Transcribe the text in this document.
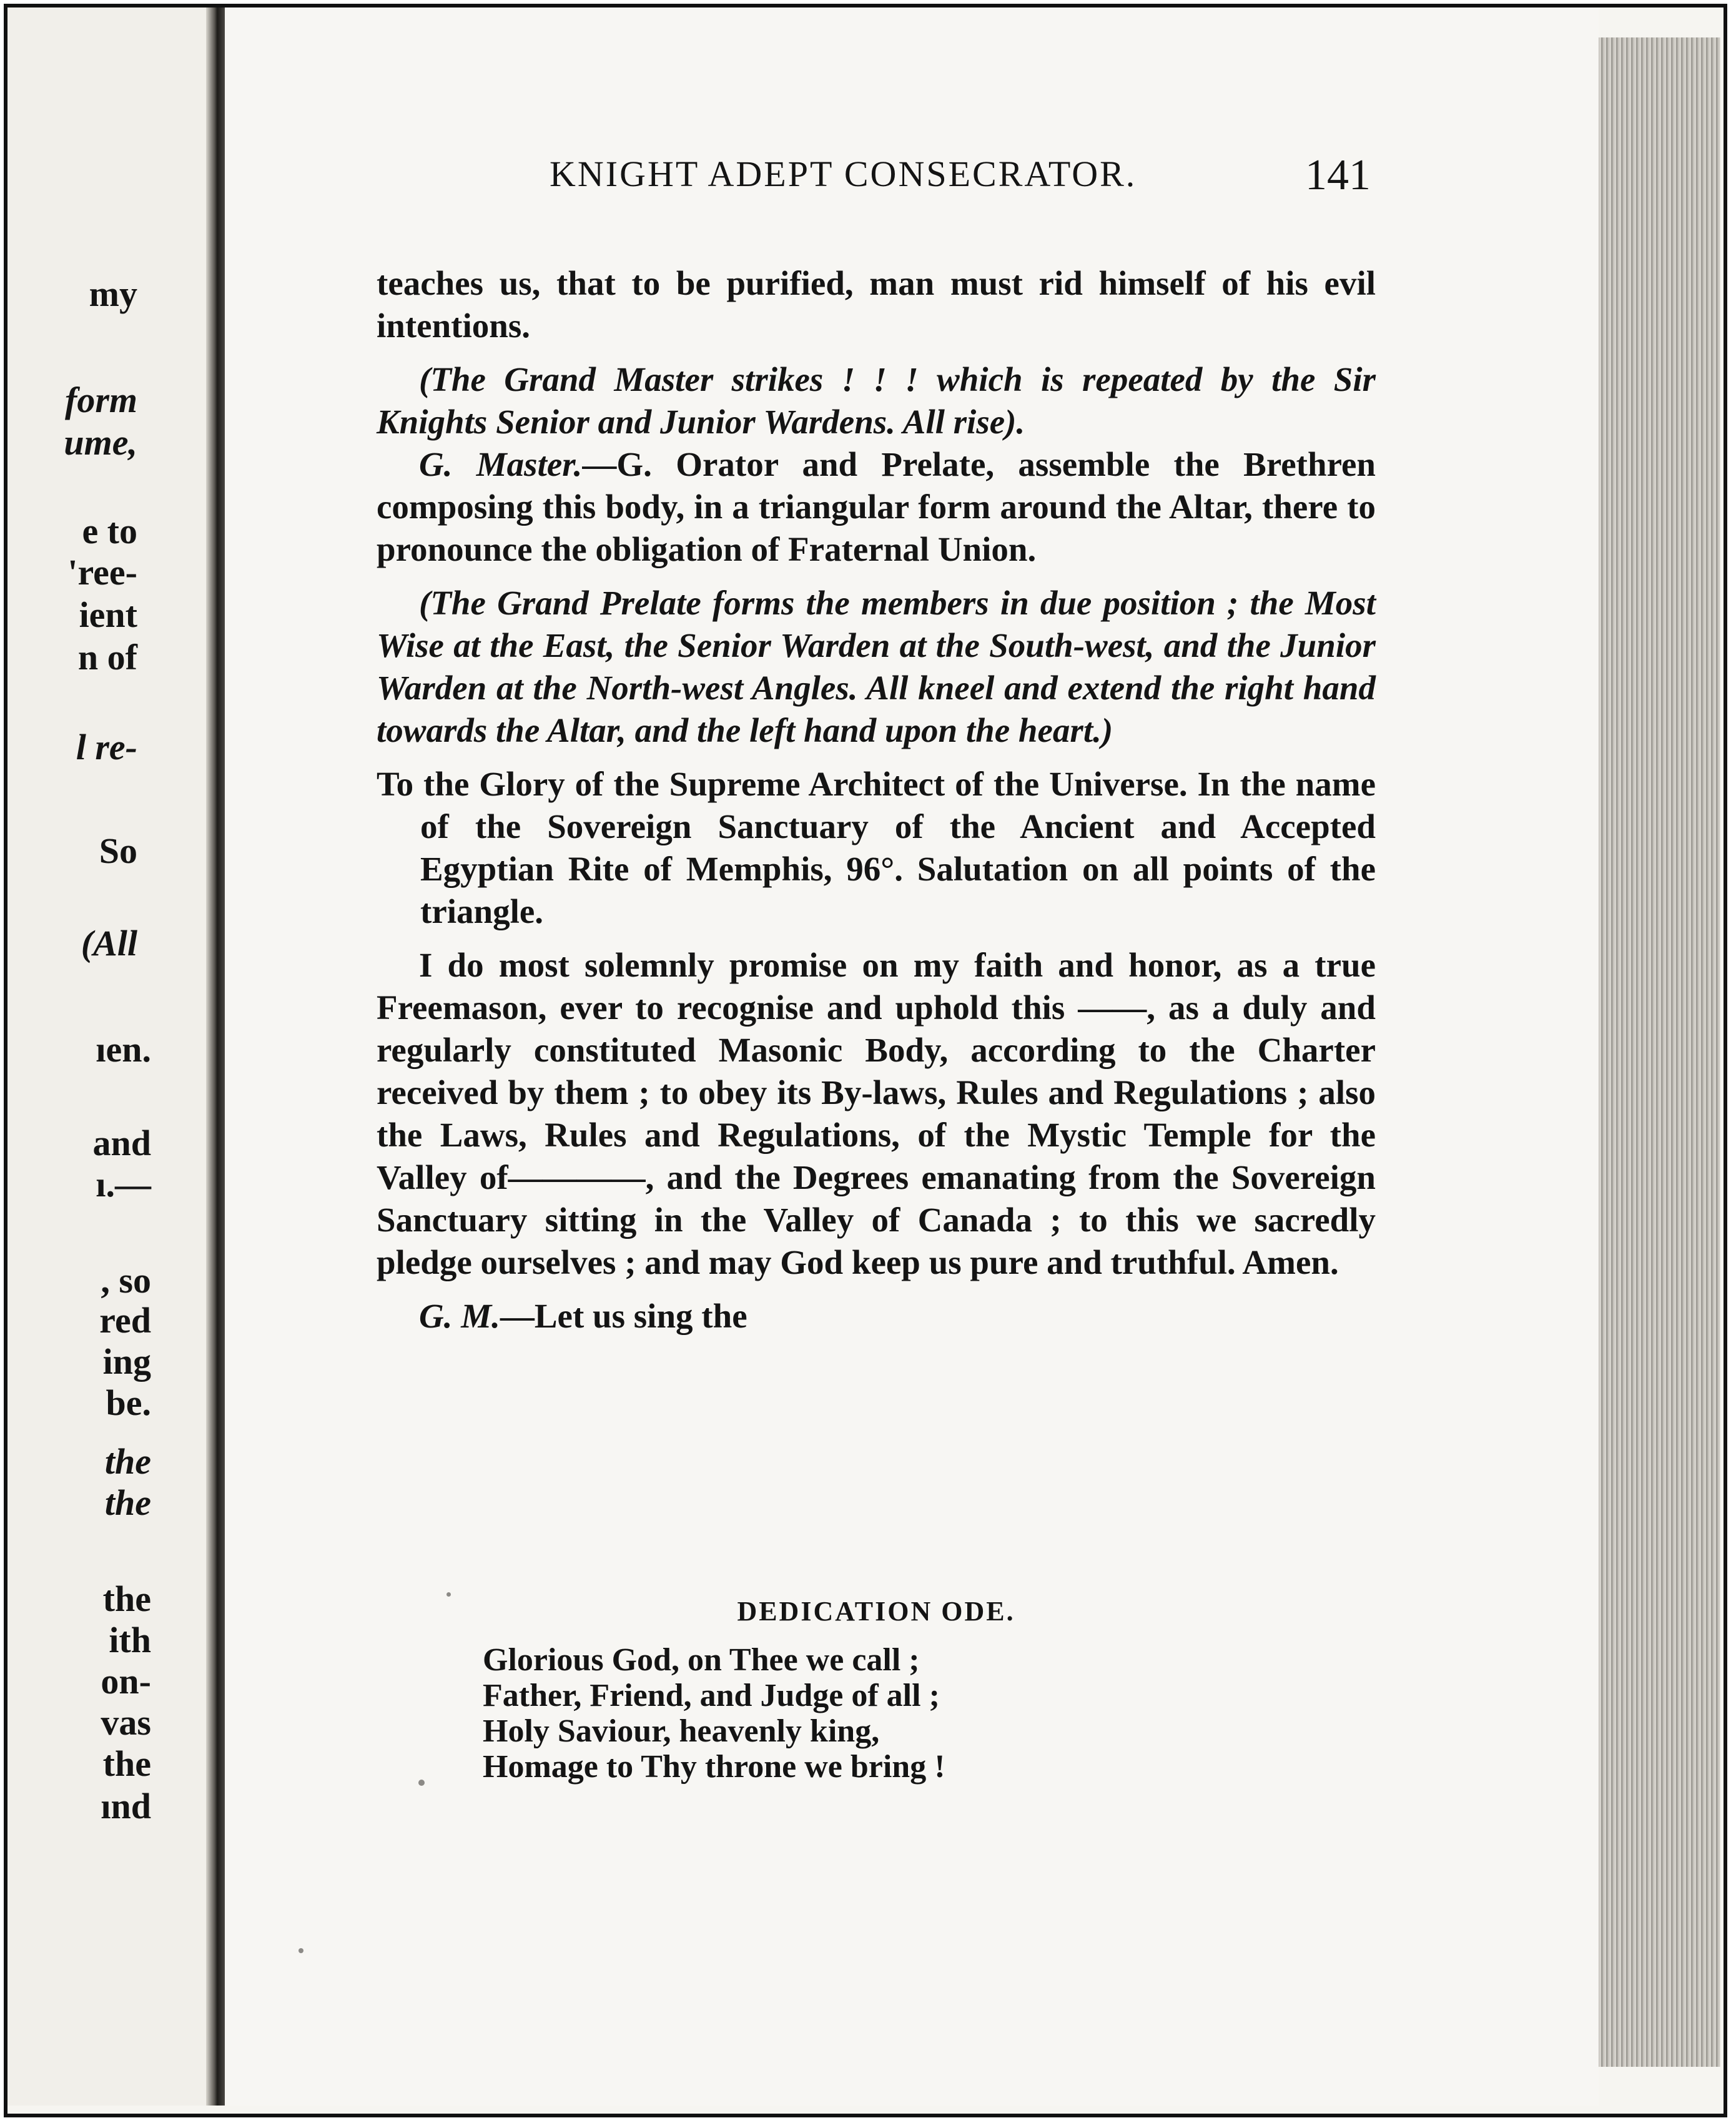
my
form
ume,
e to
'ree-
ient
n of
l re-
So
(All
ıen.
and
ı.—
, so
red
ing
be.
the
the
the
ith
on-
vas
the
ınd
KNIGHT ADEPT CONSECRATOR.	141

teaches us, that to be purified, man must rid himself of his evil intentions.

(The Grand Master strikes ! ! ! which is repeated by the Sir Knights Senior and Junior Wardens. All rise).

G. Master.—G. Orator and Prelate, assemble the Brethren composing this body, in a triangular form around the Altar, there to pronounce the obligation of Fraternal Union.

(The Grand Prelate forms the members in due position ; the Most Wise at the East, the Senior Warden at the South-west, and the Junior Warden at the North-west Angles. All kneel and extend the right hand towards the Altar, and the left hand upon the heart.)

To the Glory of the Supreme Architect of the Universe. In the name of the Sovereign Sanctuary of the Ancient and Accepted Egyptian Rite of Memphis, 96°. Salutation on all points of the triangle.

I do most solemnly promise on my faith and honor, as a true Freemason, ever to recognise and uphold this ——, as a duly and regularly constituted Masonic Body, according to the Charter received by them ; to obey its By-laws, Rules and Regulations ; also the Laws, Rules and Regulations, of the Mystic Temple for the Valley of————, and the Degrees emanating from the Sovereign Sanctuary sitting in the Valley of Canada ; to this we sacredly pledge ourselves ; and may God keep us pure and truthful. Amen.

G. M.—Let us sing the

DEDICATION ODE.
Glorious God, on Thee we call ;
Father, Friend, and Judge of all ;
Holy Saviour, heavenly king,
Homage to Thy throne we bring !
